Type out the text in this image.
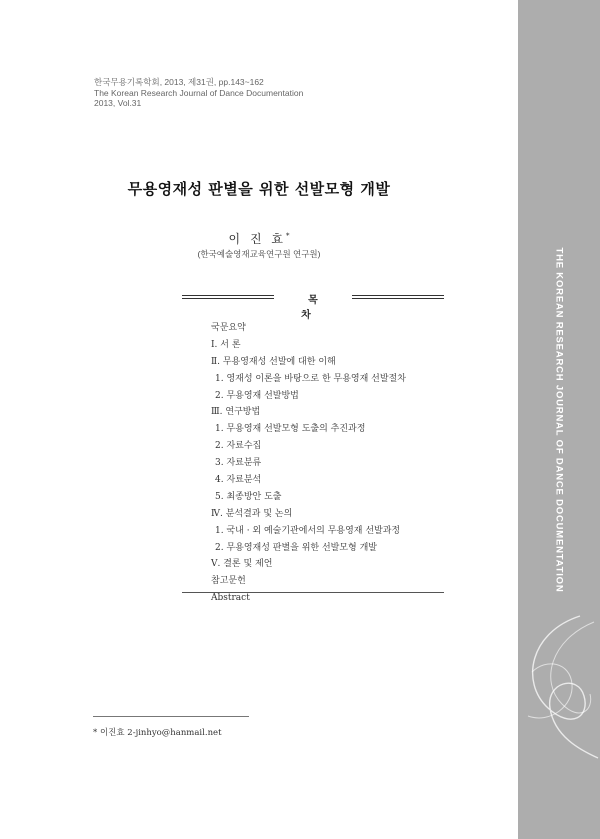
한국무용기록학회, 2013, 제31권, pp.143~162
The Korean Research Journal of Dance Documentation
2013, Vol.31
무용영재성 판별을 위한 선발모형 개발
이 진 효*
(한국예술영재교육연구원 연구원)
목 차
국문요약
Ⅰ. 서 론
Ⅱ. 무용영재성 선발에 대한 이해
1. 영재성 이론을 바탕으로 한 무용영재 선발절차
2. 무용영재 선발방법
Ⅲ. 연구방법
1. 무용영재 선발모형 도출의 추진과정
2. 자료수집
3. 자료분류
4. 자료분석
5. 최종방안 도출
Ⅳ. 분석결과 및 논의
1. 국내 · 외 예술기관에서의 무용영재 선발과정
2. 무용영재성 판별을 위한 선발모형 개발
Ⅴ. 결론 및 제언
참고문헌
Abstract
* 이진효 2-jinhyo@hanmail.net
THE KOREAN RESEARCH JOURNAL OF DANCE DOCUMENTATION
